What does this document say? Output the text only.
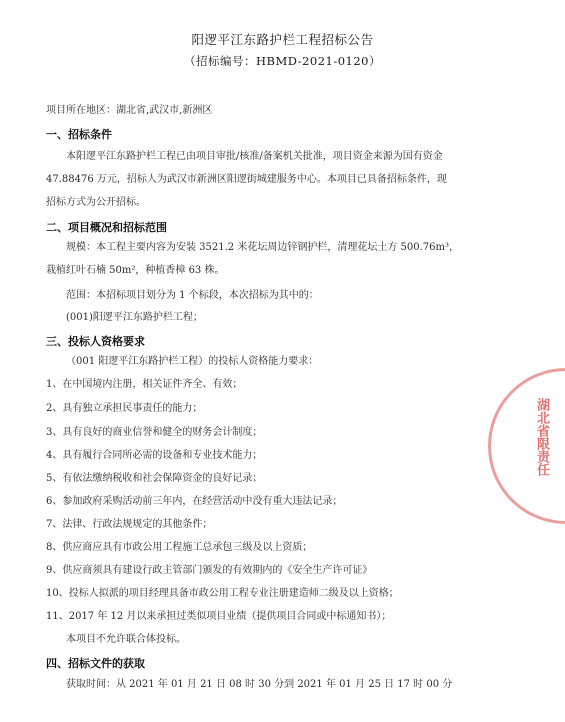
阳逻平江东路护栏工程招标公告
（招标编号：HBMD-2021-0120）
项目所在地区：湖北省,武汉市,新洲区
一、招标条件
本阳逻平江东路护栏工程已由项目审批/核准/备案机关批准，项目资金来源为国有资金
47.88476 万元，招标人为武汉市新洲区阳逻街城建服务中心。本项目已具备招标条件，现
招标方式为公开招标。
二、项目概况和招标范围
规模：本工程主要内容为安装 3521.2 米花坛周边锌钢护栏，清理花坛土方 500.76m³，
栽植红叶石楠 50m²，种植香樟 63 株。
范围：本招标项目划分为 1 个标段，本次招标为其中的：
(001)阳逻平江东路护栏工程；
三、投标人资格要求
（001 阳逻平江东路护栏工程）的投标人资格能力要求：
1、在中国境内注册，相关证件齐全、有效；
2、具有独立承担民事责任的能力；
3、具有良好的商业信誉和健全的财务会计制度；
4、具有履行合同所必需的设备和专业技术能力；
5、有依法缴纳税收和社会保障资金的良好记录；
6、参加政府采购活动前三年内，在经营活动中没有重大违法记录；
7、法律、行政法规规定的其他条件；
8、供应商应具有市政公用工程施工总承包三级及以上资质；
9、供应商须具有建设行政主管部门颁发的有效期内的《安全生产许可证》
10、投标人拟派的项目经理具备市政公用工程专业注册建造师二级及以上资格；
11、2017 年 12 月以来承担过类似项目业绩（提供项目合同或中标通知书）；
本项目不允许联合体投标。
四、招标文件的获取
获取时间：从 2021 年 01 月 21 日 08 时 30 分到 2021 年 01 月 25 日 17 时 00 分
湖北省限责任
